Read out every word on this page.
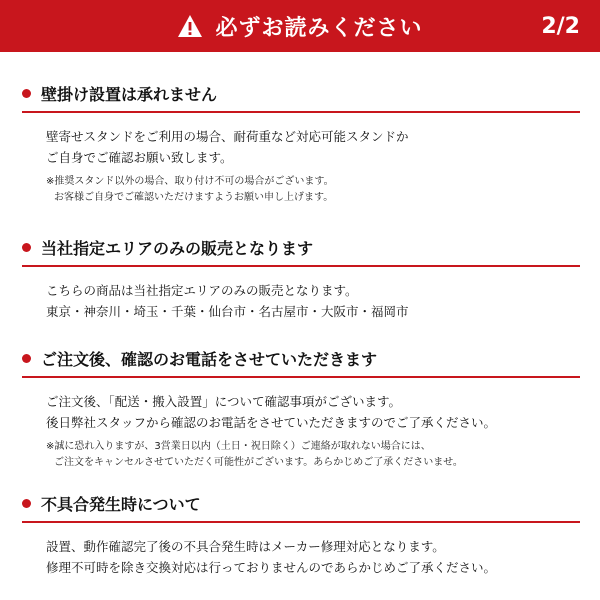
必ずお読みください	2/2
壁掛け設置は承れません
壁寄せスタンドをご利用の場合、耐荷重など対応可能スタンドか
ご自身でご確認お願い致します。
※推奨スタンド以外の場合、取り付け不可の場合がございます。
お客様ご自身でご確認いただけますようお願い申し上げます。
当社指定エリアのみの販売となります
こちらの商品は当社指定エリアのみの販売となります。
東京・神奈川・埼玉・千葉・仙台市・名古屋市・大阪市・福岡市
ご注文後、確認のお電話をさせていただきます
ご注文後、「配送・搬入設置」について確認事項がございます。
後日弊社スタッフから確認のお電話をさせていただきますのでご了承ください。
※誠に恐れ入りますが、3営業日以内（土日・祝日除く）ご連絡が取れない場合には、
ご注文をキャンセルさせていただく可能性がございます。あらかじめご了承くださいませ。
不具合発生時について
設置、動作確認完了後の不具合発生時はメーカー修理対応となります。
修理不可時を除き交換対応は行っておりませんのであらかじめご了承ください。
